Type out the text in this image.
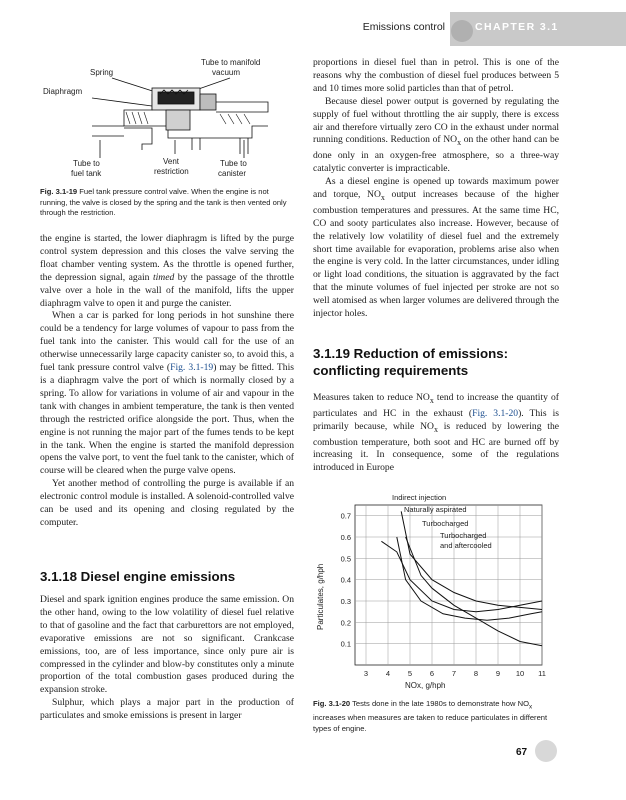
Emissions control	CHAPTER 3.1
Tube to manifold
vacuum
Spring
Diaphragm
Tube to
fuel tank
Vent
restriction
Tube to
canister
Fig. 3.1-19 Fuel tank pressure control valve. When the engine is not running, the valve is closed by the spring and the tank is then vented only through the restriction.

the engine is started, the lower diaphragm is lifted by the purge control system depression and this closes the valve serving the float chamber venting system. As the throttle is opened further, the depression signal, again timed by the passage of the throttle valve over a hole in the wall of the manifold, lifts the upper diaphragm valve to open it and purge the canister.

When a car is parked for long periods in hot sunshine there could be a tendency for large volumes of vapour to pass from the fuel tank into the canister. This would call for the use of an otherwise unnecessarily large capacity canister so, to avoid this, a fuel tank pressure control valve (Fig. 3.1-19) may be fitted. This is a diaphragm valve the port of which is normally closed by a spring. To allow for variations in volume of air and vapour in the tank with changes in ambient temperature, the tank is then vented through the restricted orifice alongside the port. Thus, when the engine is not running the major part of the fumes tends to be kept in the tank. When the engine is started the manifold depression opens the valve port, to vent the fuel tank to the canister, which of course will be cleared when the purge valve opens.

Yet another method of controlling the purge is available if an electronic control module is installed. A solenoid-controlled valve can be used and its opening and closing regulated by the computer.

3.1.18 Diesel engine emissions

Diesel and spark ignition engines produce the same emission. On the other hand, owing to the low volatility of diesel fuel relative to that of gasoline and the fact that carburettors are not employed, evaporative emissions are not so significant. Crankcase emissions, too, are of less importance, since only pure air is compressed in the cylinder and blow-by constitutes only a minute proportion of the total combustion gases produced during the expansion stroke.

Sulphur, which plays a major part in the production of particulates and smoke emissions is present in larger

proportions in diesel fuel than in petrol. This is one of the reasons why the combustion of diesel fuel produces between 5 and 10 times more solid particles than that of petrol.

Because diesel power output is governed by regulating the supply of fuel without throttling the air supply, there is excess air and therefore virtually zero CO in the exhaust under normal running conditions. Reduction of $NO_x$ on the other hand can be done only in an oxygen-free atmosphere, so a three-way catalytic converter is impracticable.

As a diesel engine is opened up towards maximum power and torque, $NO_x$ output increases because of the higher combustion temperatures and pressures. At the same time HC, CO and sooty particulates also increase. However, because of the relatively low volatility of diesel fuel and the extremely short time available for evaporation, problems arise also when the engine is very cold. In the latter circumstances, under idling or light load conditions, the situation is aggravated by the fact that the minute volumes of fuel injected per stroke are not so well atomised as when larger volumes are delivered through the injector holes.

3.1.19 Reduction of emissions: conflicting requirements

Measures taken to reduce $NO_x$ tend to increase the quantity of particulates and HC in the exhaust (Fig. 3.1-20). This is primarily because, while $NO_x$ is reduced by lowering the combustion temperature, both soot and HC are burned off by increasing it. In consequence, some of the regulations introduced in Europe

0.1
0.2
0.3
0.4
0.5
0.6
0.7
3 4 5 6 7 8 9 10 11
Indirect injection
Naturally aspirated
Turbocharged
Turbocharged
and aftercooled
NOx, g/hph
Particulates, g/hph
Fig. 3.1-20 Tests done in the late 1980s to demonstrate how $NO_x$ increases when measures are taken to reduce particulates in different types of engine.
67
